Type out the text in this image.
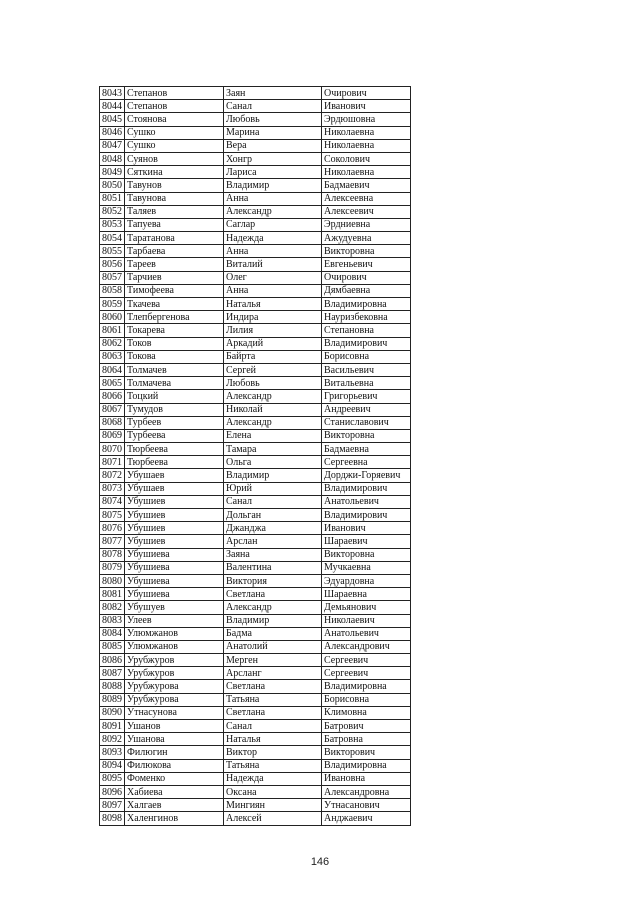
8043	Степанов	Заян	Очирович
8044	Степанов	Санал	Иванович
8045	Стоянова	Любовь	Эрдюшовна
8046	Сушко	Марина	Николаевна
8047	Сушко	Вера	Николаевна
8048	Суянов	Хонгр	Соколович
8049	Сяткина	Лариса	Николаевна
8050	Тавунов	Владимир	Бадмаевич
8051	Тавунова	Анна	Алексеевна
8052	Таляев	Александр	Алексеевич
8053	Тапуева	Саглар	Эрдниевна
8054	Таратанова	Надежда	Ажудуевна
8055	Тарбаева	Анна	Викторовна
8056	Тареев	Виталий	Евгеньевич
8057	Тарчиев	Олег	Очирович
8058	Тимофеева	Анна	Дямбаевна
8059	Ткачева	Наталья	Владимировна
8060	Тлепбергенова	Индира	Науризбековна
8061	Токарева	Лилия	Степановна
8062	Токов	Аркадий	Владимирович
8063	Токова	Байрта	Борисовна
8064	Толмачев	Сергей	Васильевич
8065	Толмачева	Любовь	Витальевна
8066	Тоцкий	Александр	Григорьевич
8067	Тумудов	Николай	Андреевич
8068	Турбеев	Александр	Станиславович
8069	Турбеева	Елена	Викторовна
8070	Тюрбеева	Тамара	Бадмаевна
8071	Тюрбеева	Ольга	Сергеевна
8072	Убушаев	Владимир	Дорджи-Горяевич
8073	Убушаев	Юрий	Владимирович
8074	Убушиев	Санал	Анатольевич
8075	Убушиев	Дольган	Владимирович
8076	Убушиев	Джанджа	Иванович
8077	Убушиев	Арслан	Шараевич
8078	Убушиева	Заяна	Викторовна
8079	Убушиева	Валентина	Мучкаевна
8080	Убушиева	Виктория	Эдуардовна
8081	Убушиева	Светлана	Шараевна
8082	Убушуев	Александр	Демьянович
8083	Улеев	Владимир	Николаевич
8084	Улюмжанов	Бадма	Анатольевич
8085	Улюмжанов	Анатолий	Александрович
8086	Урубжуров	Мерген	Сергеевич
8087	Урубжуров	Арсланг	Сергеевич
8088	Урубжурова	Светлана	Владимировна
8089	Урубжурова	Татьяна	Борисовна
8090	Утнасунова	Светлана	Климовна
8091	Ушанов	Санал	Батрович
8092	Ушанова	Наталья	Батровна
8093	Филюгин	Виктор	Викторович
8094	Филюкова	Татьяна	Владимировна
8095	Фоменко	Надежда	Ивановна
8096	Хабиева	Оксана	Александровна
8097	Халгаев	Мингиян	Утнасанович
8098	Халенгинов	Алексей	Анджаевич
146
